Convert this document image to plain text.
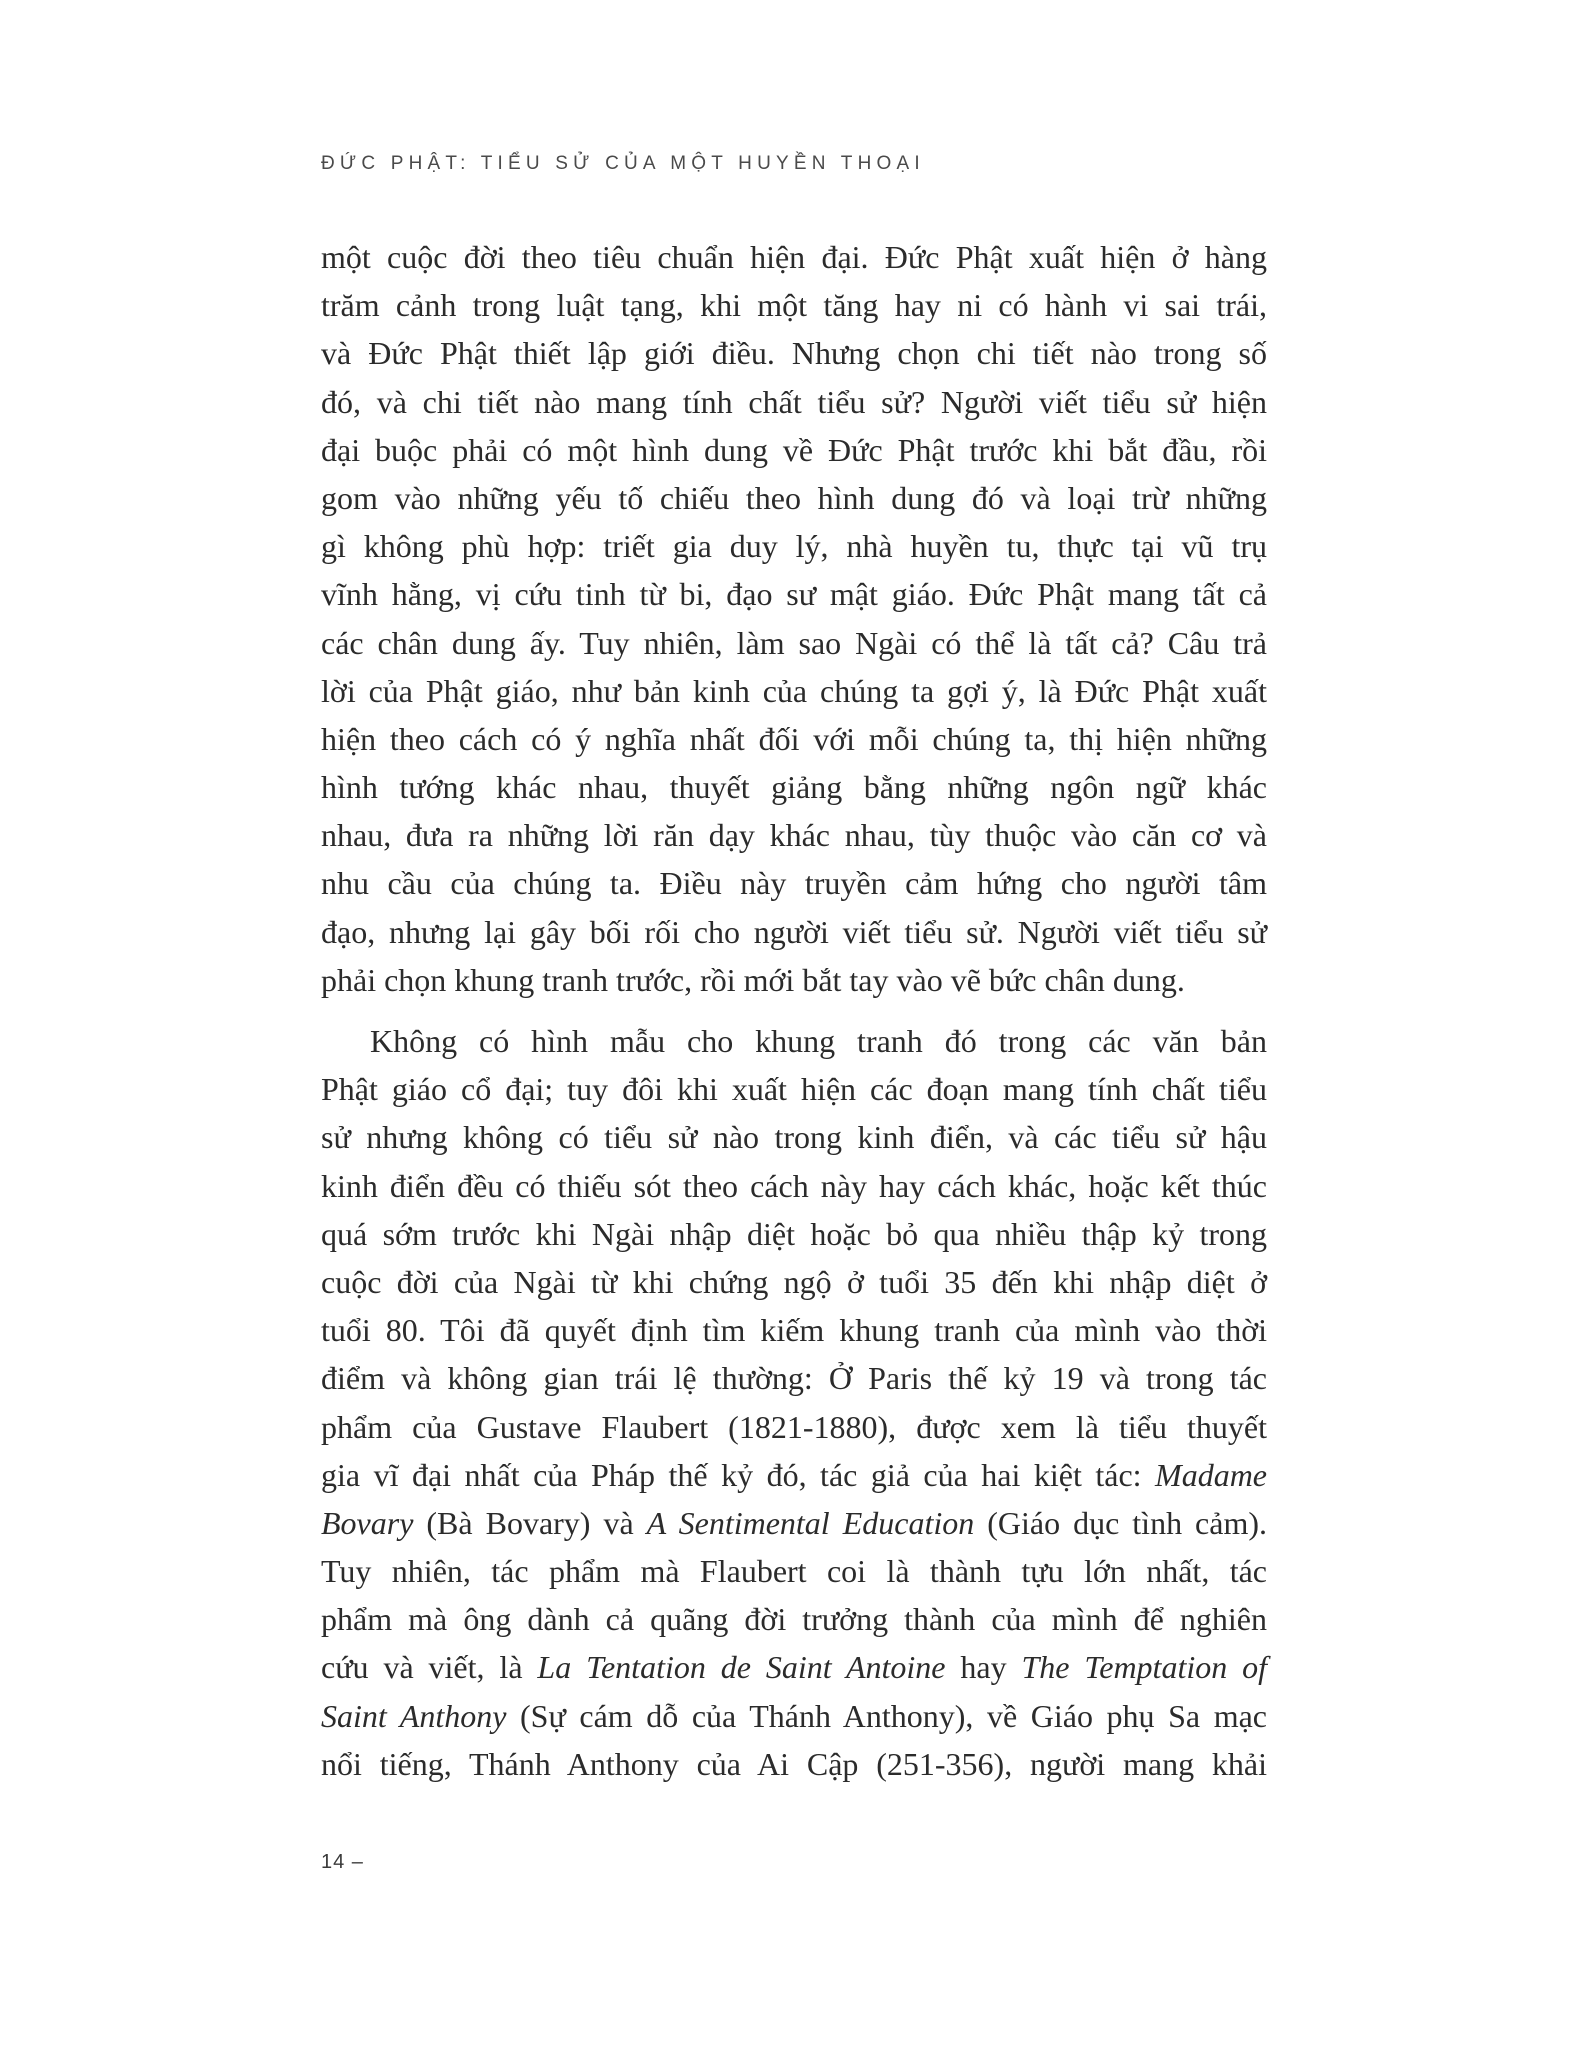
ĐỨC PHẬT: TIỂU SỬ CỦA MỘT HUYỀN THOẠI
một cuộc đời theo tiêu chuẩn hiện đại. Đức Phật xuất hiện ở hàng
trăm cảnh trong luật tạng, khi một tăng hay ni có hành vi sai trái,
và Đức Phật thiết lập giới điều. Nhưng chọn chi tiết nào trong số
đó, và chi tiết nào mang tính chất tiểu sử? Người viết tiểu sử hiện
đại buộc phải có một hình dung về Đức Phật trước khi bắt đầu, rồi
gom vào những yếu tố chiếu theo hình dung đó và loại trừ những
gì không phù hợp: triết gia duy lý, nhà huyền tu, thực tại vũ trụ
vĩnh hằng, vị cứu tinh từ bi, đạo sư mật giáo. Đức Phật mang tất cả
các chân dung ấy. Tuy nhiên, làm sao Ngài có thể là tất cả? Câu trả
lời của Phật giáo, như bản kinh của chúng ta gợi ý, là Đức Phật xuất
hiện theo cách có ý nghĩa nhất đối với mỗi chúng ta, thị hiện những
hình tướng khác nhau, thuyết giảng bằng những ngôn ngữ khác
nhau, đưa ra những lời răn dạy khác nhau, tùy thuộc vào căn cơ và
nhu cầu của chúng ta. Điều này truyền cảm hứng cho người tâm
đạo, nhưng lại gây bối rối cho người viết tiểu sử. Người viết tiểu sử
phải chọn khung tranh trước, rồi mới bắt tay vào vẽ bức chân dung.
Không có hình mẫu cho khung tranh đó trong các văn bản
Phật giáo cổ đại; tuy đôi khi xuất hiện các đoạn mang tính chất tiểu
sử nhưng không có tiểu sử nào trong kinh điển, và các tiểu sử hậu
kinh điển đều có thiếu sót theo cách này hay cách khác, hoặc kết thúc
quá sớm trước khi Ngài nhập diệt hoặc bỏ qua nhiều thập kỷ trong
cuộc đời của Ngài từ khi chứng ngộ ở tuổi 35 đến khi nhập diệt ở
tuổi 80. Tôi đã quyết định tìm kiếm khung tranh của mình vào thời
điểm và không gian trái lệ thường: Ở Paris thế kỷ 19 và trong tác
phẩm của Gustave Flaubert (1821-1880), được xem là tiểu thuyết
gia vĩ đại nhất của Pháp thế kỷ đó, tác giả của hai kiệt tác: Madame
Bovary (Bà Bovary) và A Sentimental Education (Giáo dục tình cảm).
Tuy nhiên, tác phẩm mà Flaubert coi là thành tựu lớn nhất, tác
phẩm mà ông dành cả quãng đời trưởng thành của mình để nghiên
cứu và viết, là La Tentation de Saint Antoine hay The Temptation of
Saint Anthony (Sự cám dỗ của Thánh Anthony), về Giáo phụ Sa mạc
nổi tiếng, Thánh Anthony của Ai Cập (251-356), người mang khải
14 –
